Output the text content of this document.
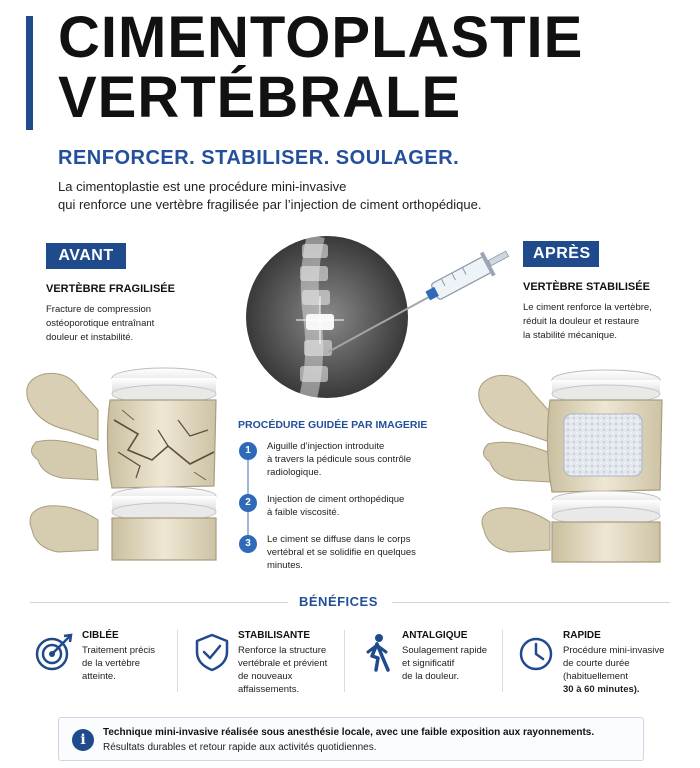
CIMENTOPLASTIE
VERTÉBRALE
RENFORCER. STABILISER. SOULAGER.
La cimentoplastie est une procédure mini-invasive
qui renforce une vertèbre fragilisée par l’injection de ciment orthopédique.
AVANT
VERTÈBRE FRAGILISÉE
Fracture de compression
ostéoporotique entraînant
douleur et instabilité.
PROCÉDURE GUIDÉE PAR IMAGERIE
1	Aiguille d’injection introduite
à travers la pédicule sous contrôle
radiologique.
2	Injection de ciment orthopédique
à faible viscosité.
3	Le ciment se diffuse dans le corps
vertébral et se solidifie en quelques
minutes.
APRÈS
VERTÈBRE STABILISÉE
Le ciment renforce la vertèbre,
réduit la douleur et restaure
la stabilité mécanique.
BÉNÉFICES
CIBLÉE
Traitement précis
de la vertèbre
atteinte.
STABILISANTE
Renforce la structure
vertébrale et prévient
de nouveaux
affaissements.
ANTALGIQUE
Soulagement rapide
et significatif
de la douleur.
RAPIDE
Procédure mini-invasive
de courte durée
(habituellement
30 à 60 minutes).
i	Technique mini-invasive réalisée sous anesthésie locale, avec une faible exposition aux rayonnements.
Résultats durables et retour rapide aux activités quotidiennes.
